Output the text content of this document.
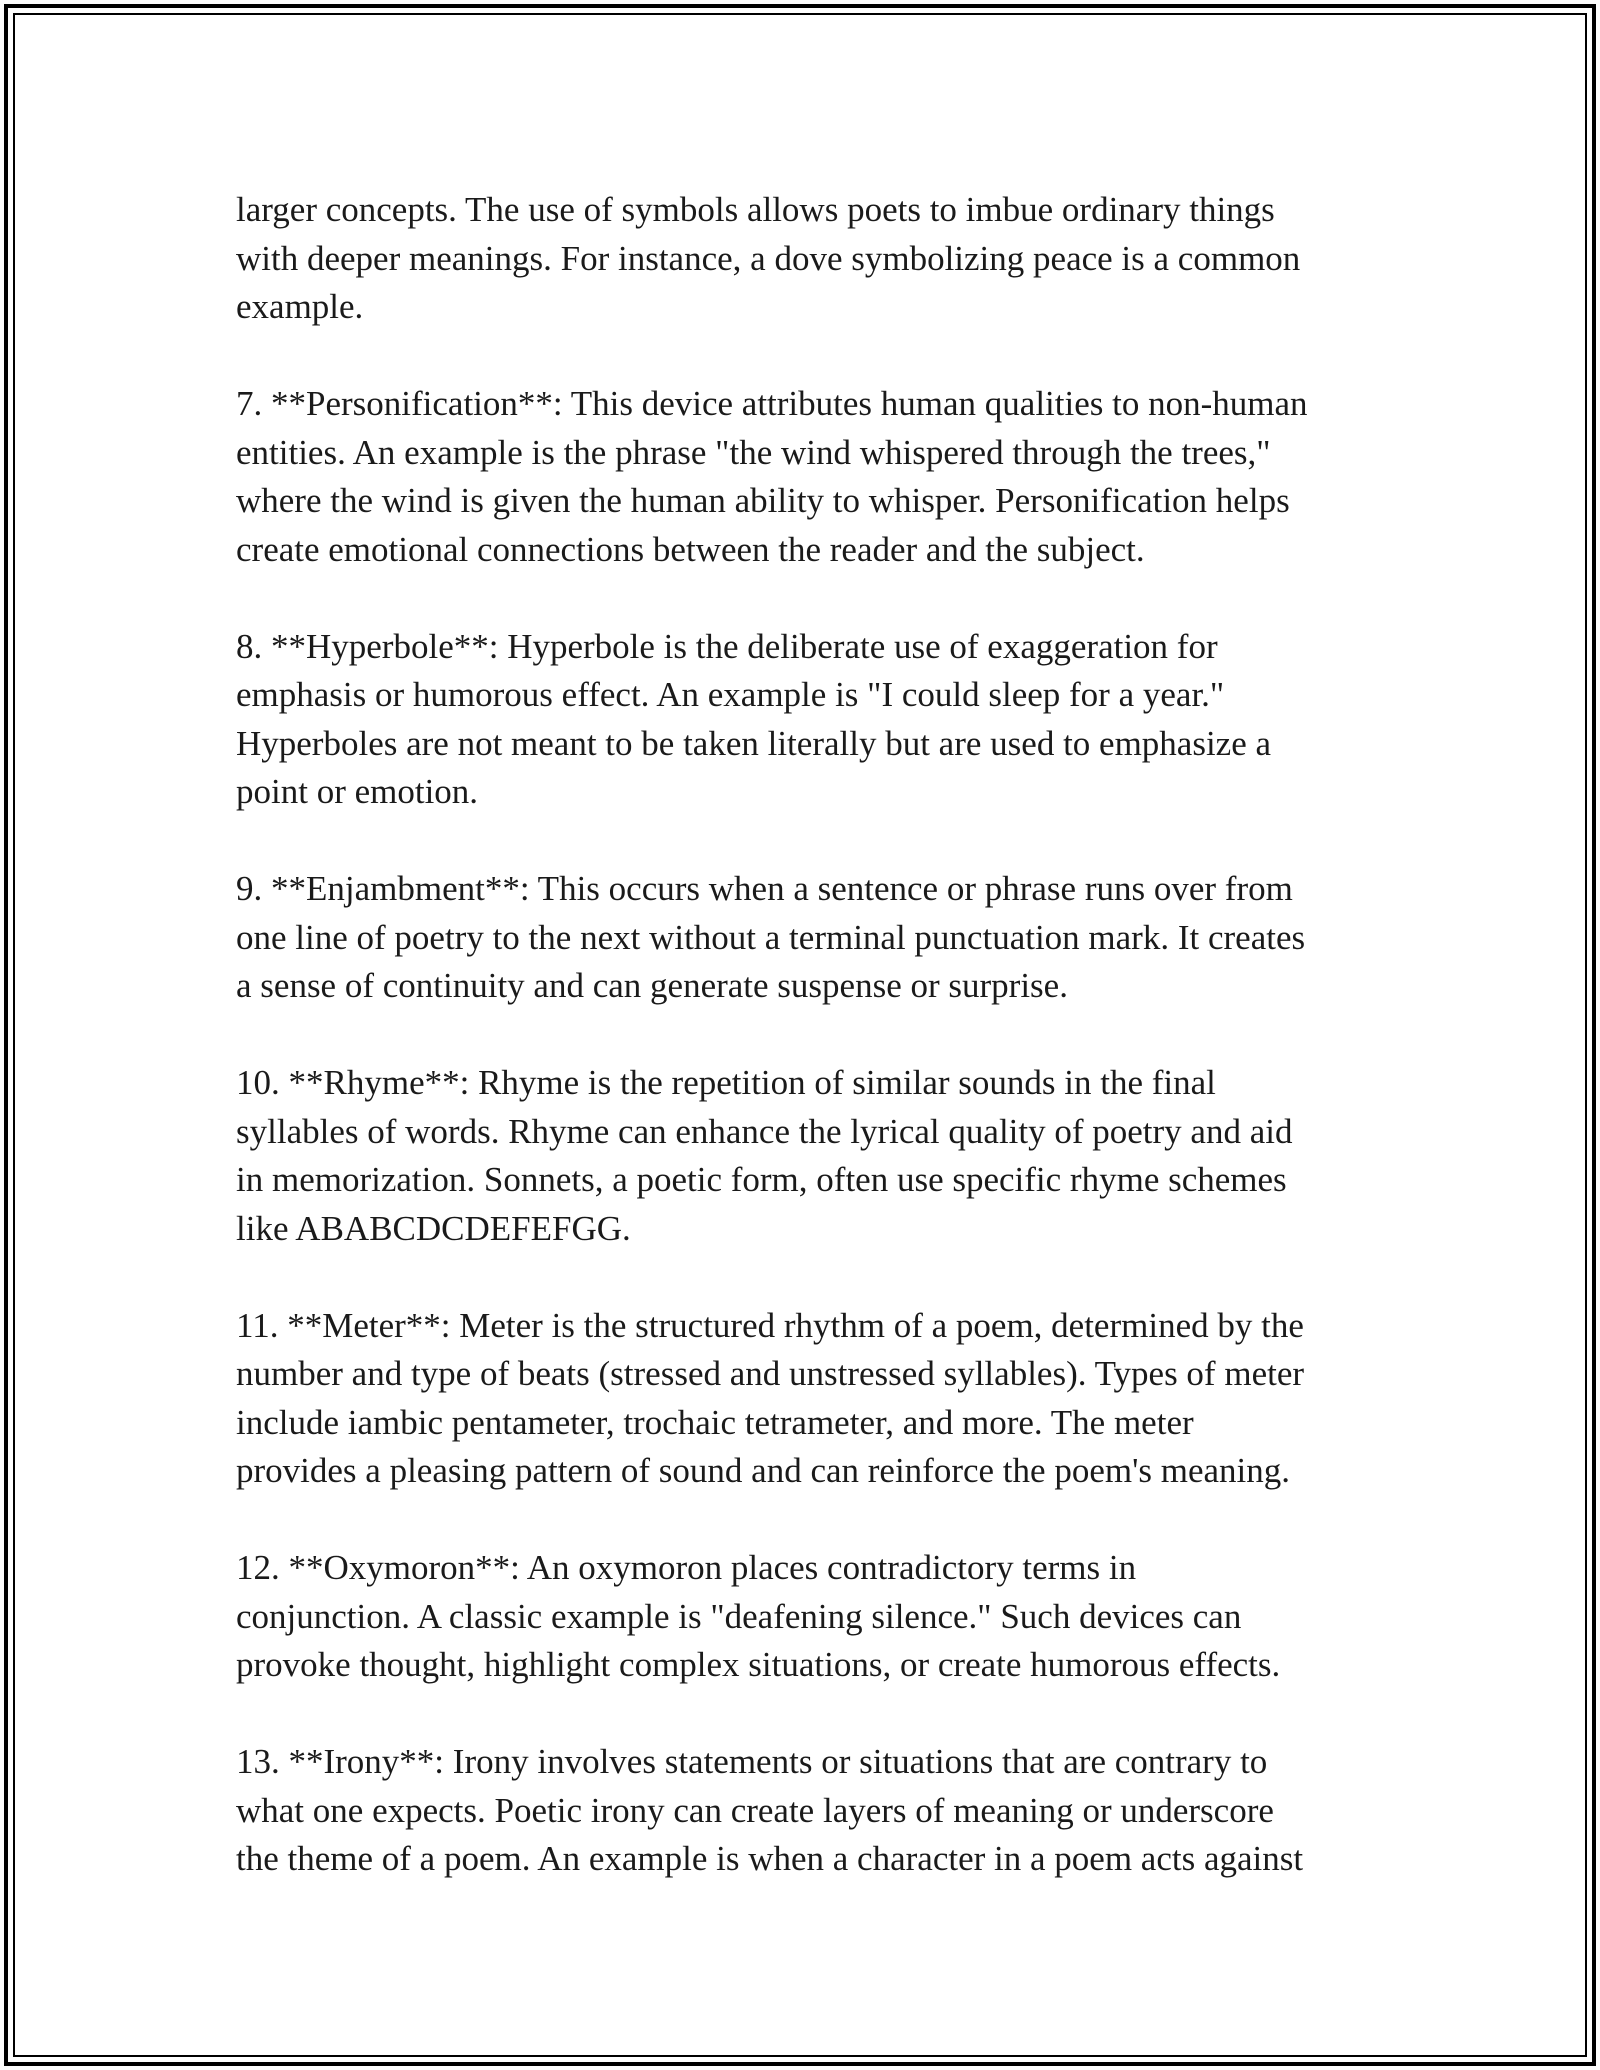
larger concepts. The use of symbols allows poets to imbue ordinary things
with deeper meanings. For instance, a dove symbolizing peace is a common
example.

7. **Personification**: This device attributes human qualities to non-human
entities. An example is the phrase "the wind whispered through the trees,"
where the wind is given the human ability to whisper. Personification helps
create emotional connections between the reader and the subject.

8. **Hyperbole**: Hyperbole is the deliberate use of exaggeration for
emphasis or humorous effect. An example is "I could sleep for a year."
Hyperboles are not meant to be taken literally but are used to emphasize a
point or emotion.

9. **Enjambment**: This occurs when a sentence or phrase runs over from
one line of poetry to the next without a terminal punctuation mark. It creates
a sense of continuity and can generate suspense or surprise.

10. **Rhyme**: Rhyme is the repetition of similar sounds in the final
syllables of words. Rhyme can enhance the lyrical quality of poetry and aid
in memorization. Sonnets, a poetic form, often use specific rhyme schemes
like ABABCDCDEFEFGG.

11. **Meter**: Meter is the structured rhythm of a poem, determined by the
number and type of beats (stressed and unstressed syllables). Types of meter
include iambic pentameter, trochaic tetrameter, and more. The meter
provides a pleasing pattern of sound and can reinforce the poem's meaning.

12. **Oxymoron**: An oxymoron places contradictory terms in
conjunction. A classic example is "deafening silence." Such devices can
provoke thought, highlight complex situations, or create humorous effects.

13. **Irony**: Irony involves statements or situations that are contrary to
what one expects. Poetic irony can create layers of meaning or underscore
the theme of a poem. An example is when a character in a poem acts against
